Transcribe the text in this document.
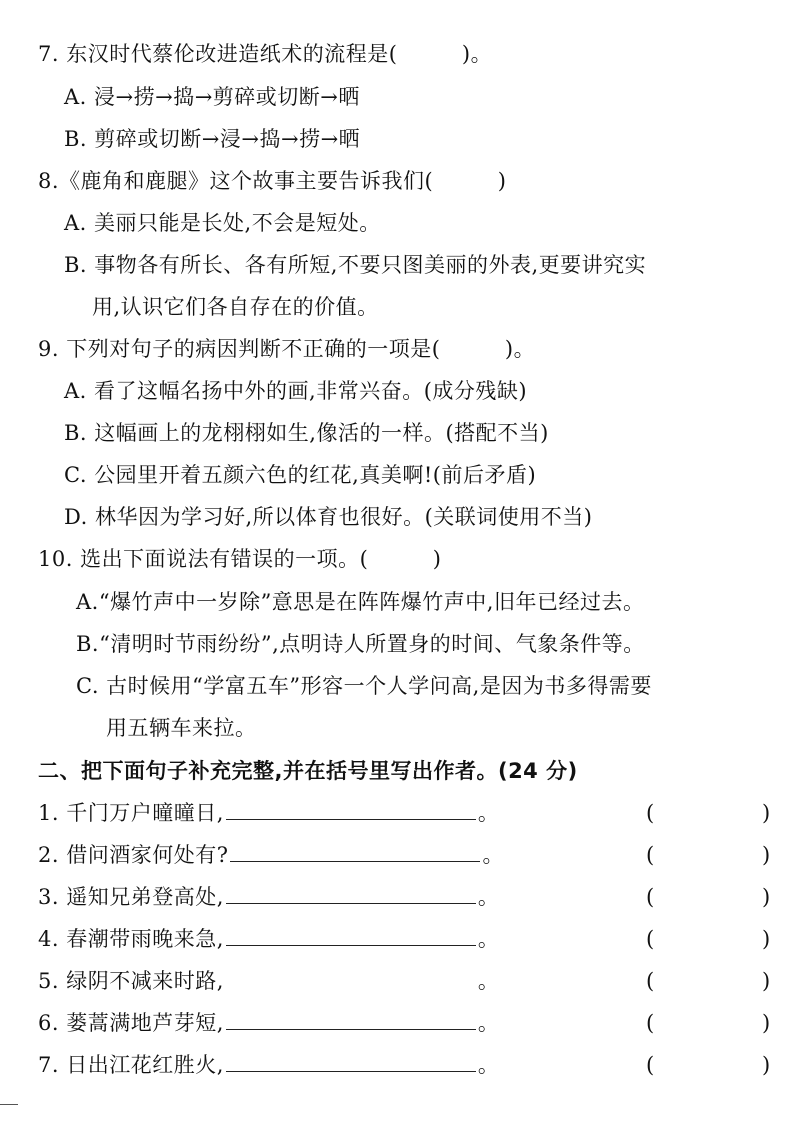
7. 东汉时代蔡伦改进造纸术的流程是(　　　)。
A. 浸→捞→捣→剪碎或切断→晒
B. 剪碎或切断→浸→捣→捞→晒
8.《鹿角和鹿腿》这个故事主要告诉我们(　　　)
A. 美丽只能是长处,不会是短处。
B. 事物各有所长、各有所短,不要只图美丽的外表,更要讲究实
用,认识它们各自存在的价值。
9. 下列对句子的病因判断不正确的一项是(　　　)。
A. 看了这幅名扬中外的画,非常兴奋。(成分残缺)
B. 这幅画上的龙栩栩如生,像活的一样。(搭配不当)
C. 公园里开着五颜六色的红花,真美啊!(前后矛盾)
D. 林华因为学习好,所以体育也很好。(关联词使用不当)
10. 选出下面说法有错误的一项。(　　　)
A.“爆竹声中一岁除”意思是在阵阵爆竹声中,旧年已经过去。
B.“清明时节雨纷纷”,点明诗人所置身的时间、气象条件等。
C. 古时候用“学富五车”形容一个人学问高,是因为书多得需要
用五辆车来拉。
二、把下面句子补充完整,并在括号里写出作者。(24 分)
1. 千门万户曈曈日,	。	(	)
2. 借问酒家何处有?	。	(	)
3. 遥知兄弟登高处,	。	(	)
4. 春潮带雨晚来急,	。	(	)
5. 绿阴不减来时路,	。	(	)
6. 蒌蒿满地芦芽短,	。	(	)
7. 日出江花红胜火,	。	(	)
